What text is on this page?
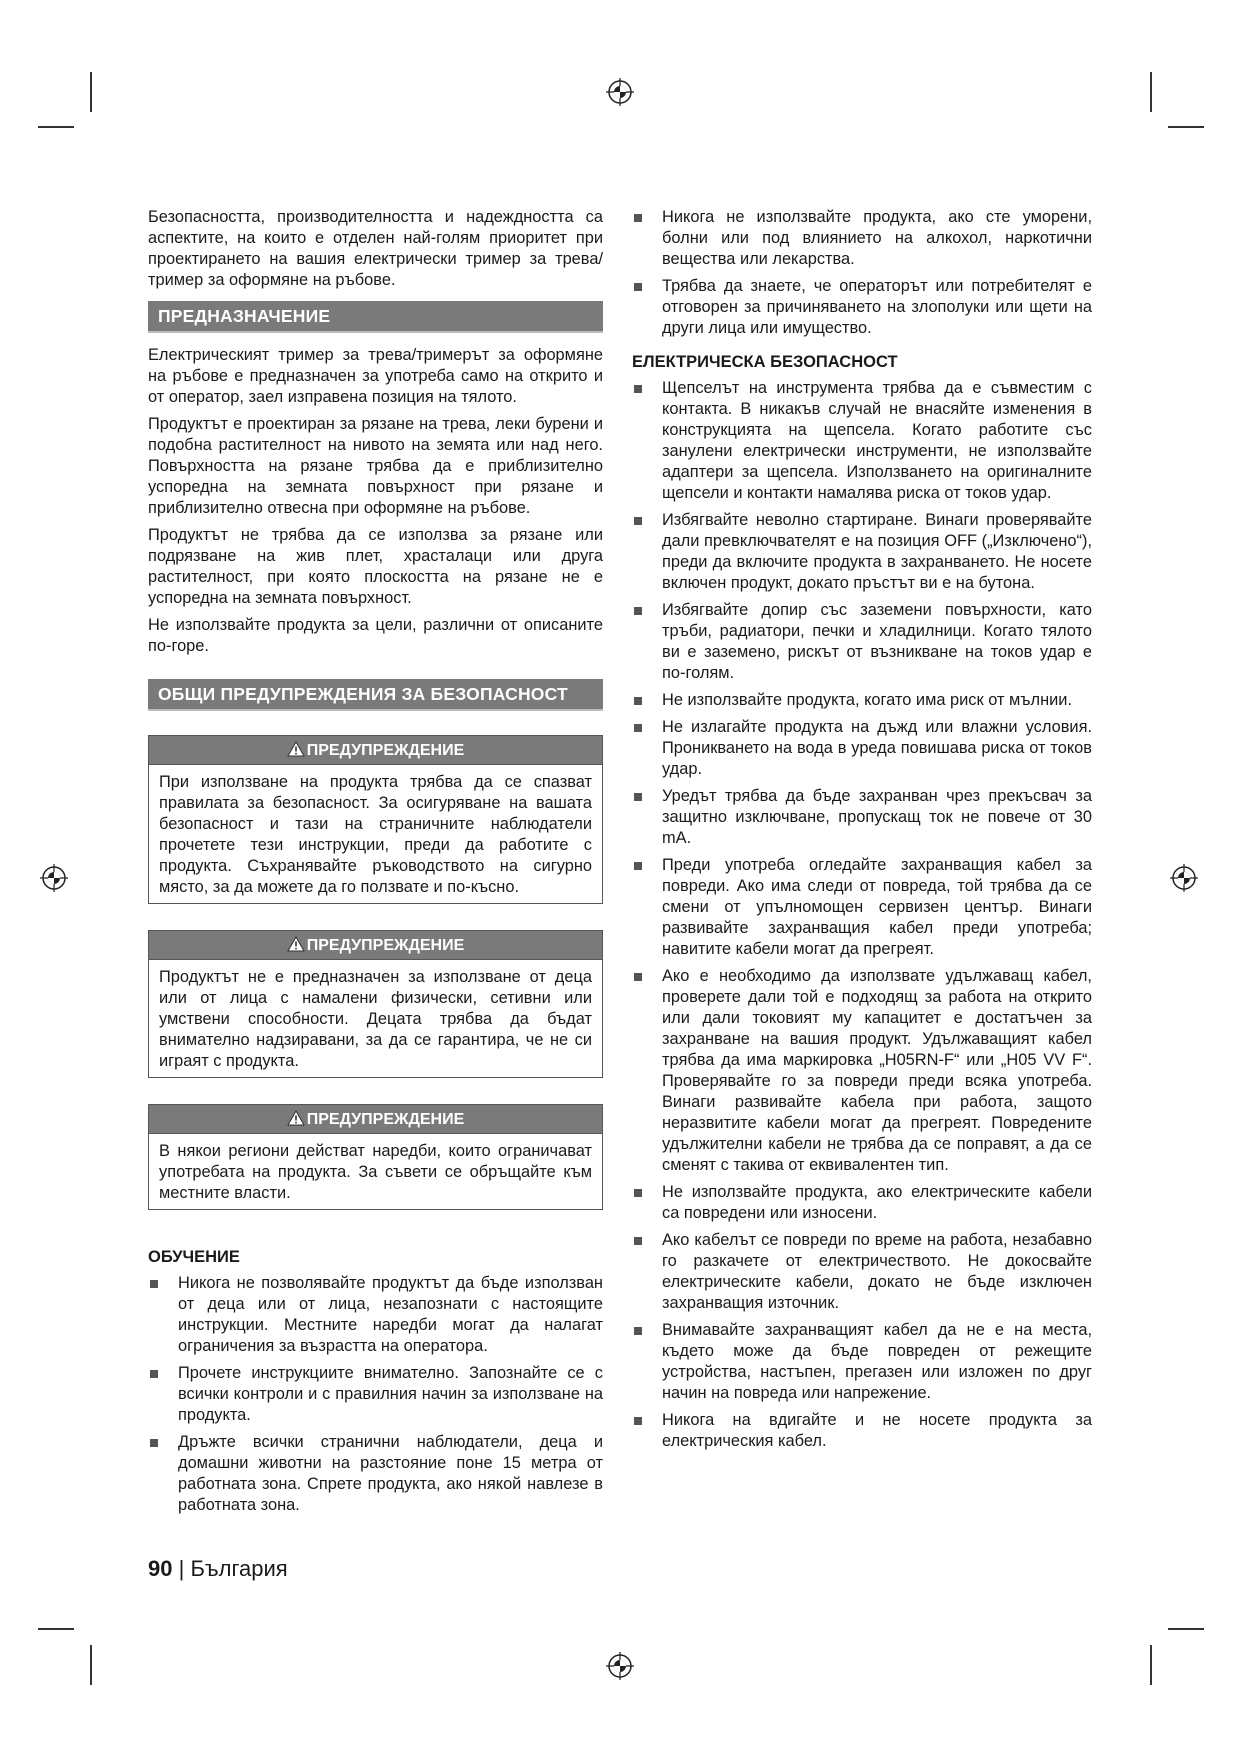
Безопасността, производителността и надеждността са аспектите, на които е отделен най-голям приоритет при проектирането на вашия електрически тример за трева/тример за оформяне на ръбове.

ПРЕДНАЗНАЧЕНИЕ

Електрическият тример за трева/тримерът за оформяне на ръбове е предназначен за употреба само на открито и от оператор, заел изправена позиция на тялото.

Продуктът е проектиран за рязане на трева, леки бурени и подобна растителност на нивото на земята или над него. Повърхността на рязане трябва да е приблизително успоредна на земната повърхност при рязане и приблизително отвесна при оформяне на ръбове.

Продуктът не трябва да се използва за рязане или подрязване на жив плет, храсталаци или друга растителност, при която плоскостта на рязане не е успоредна на земната повърхност.

Не използвайте продукта за цели, различни от описаните по-горе.

ОБЩИ ПРЕДУПРЕЖДЕНИЯ ЗА БЕЗОПАСНОСТ
ПРЕДУПРЕЖДЕНИЕ

При използване на продукта трябва да се спазват правилата за безопасност. За осигуряване на вашата безопасност и тази на страничните наблюдатели прочетете тези инструкции, преди да работите с продукта. Съхранявайте ръководството на сигурно място, за да можете да го ползвате и по-късно.

ПРЕДУПРЕЖДЕНИЕ

Продуктът не е предназначен за използване от деца или от лица с намалени физически, сетивни или умствени способности. Децата трябва да бъдат внимателно надзиравани, за да се гарантира, че не си играят с продукта.

ПРЕДУПРЕЖДЕНИЕ

В някои региони действат наредби, които ограничават употребата на продукта. За съвети се обръщайте към местните власти.

ОБУЧЕНИЕ

Никога не позволявайте продуктът да бъде използван от деца или от лица, незапознати с настоящите инструкции. Местните наредби могат да налагат ограничения за възрастта на оператора.

Прочете инструкциите внимателно. Запознайте се с всички контроли и с правилния начин за използване на продукта.

Дръжте всички странични наблюдатели, деца и домашни животни на разстояние поне 15 метра от работната зона. Спрете продукта, ако някой навлезе в работната зона.

Никога не използвайте продукта, ако сте уморени, болни или под влиянието на алкохол, наркотични вещества или лекарства.

Трябва да знаете, че операторът или потребителят е отговорен за причиняването на злополуки или щети на други лица или имущество.

ЕЛЕКТРИЧЕСКА БЕЗОПАСНОСТ

Щепселът на инструмента трябва да е съвместим с контакта. В никакъв случай не внасяйте изменения в конструкцията на щепсела. Когато работите със занулени електрически инструменти, не използвайте адаптери за щепсела. Използването на оригиналните щепсели и контакти намалява риска от токов удар.

Избягвайте неволно стартиране. Винаги проверявайте дали превключвателят е на позиция OFF („Изключено“), преди да включите продукта в захранването. Не носете включен продукт, докато пръстът ви е на бутона.

Избягвайте допир със заземени повърхности, като тръби, радиатори, печки и хладилници. Когато тялото ви е заземено, рискът от възникване на токов удар е по-голям.

Не използвайте продукта, когато има риск от мълнии.

Не излагайте продукта на дъжд или влажни условия. Проникването на вода в уреда повишава риска от токов удар.

Уредът трябва да бъде захранван чрез прекъсвач за защитно изключване, пропускащ ток не повече от 30 mA.

Преди употреба огледайте захранващия кабел за повреди. Ако има следи от повреда, той трябва да се смени от упълномощен сервизен център. Винаги развивайте захранващия кабел преди употреба; навитите кабели могат да прегреят.

Ако е необходимо да използвате удължаващ кабел, проверете дали той е подходящ за работа на открито или дали токовият му капацитет е достатъчен за захранване на вашия продукт. Удължаващият кабел трябва да има маркировка „H05RN-F“ или „H05 VV F“. Проверявайте го за повреди преди всяка употреба. Винаги развивайте кабела при работа, защото неразвитите кабели могат да прегреят. Повредените удължителни кабели не трябва да се поправят, а да се сменят с такива от еквивалентен тип.

Не използвайте продукта, ако електрическите кабели са повредени или износени.

Ако кабелът се повреди по време на работа, незабавно го разкачете от електричеството. Не докосвайте електрическите кабели, докато не бъде изключен захранващия източник.

Внимавайте захранващият кабел да не е на места, където може да бъде повреден от режещите устройства, настъпен, прегазен или изложен по друг начин на повреда или напрежение.

Никога на вдигайте и не носете продукта за електрическия кабел.

90 | България
